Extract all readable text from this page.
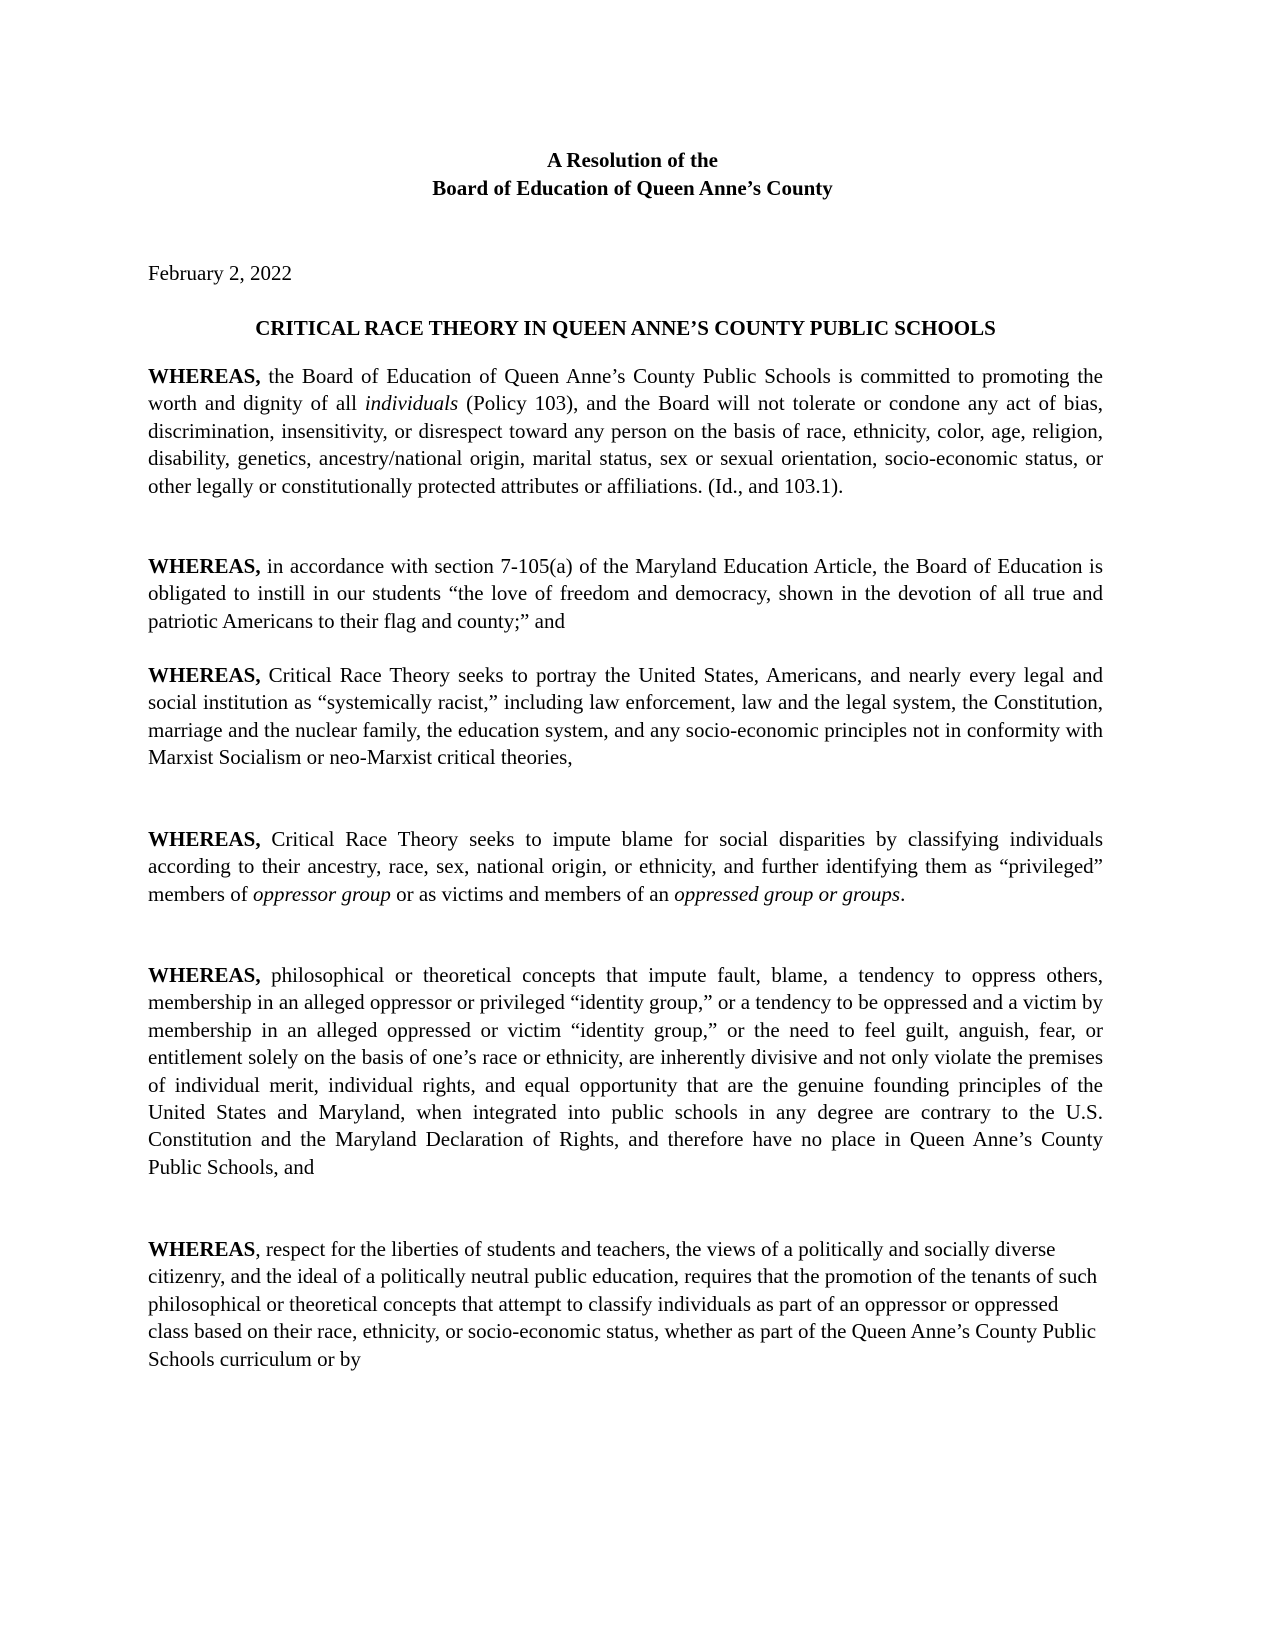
A Resolution of the
Board of Education of Queen Anne’s County
February 2, 2022
CRITICAL RACE THEORY IN QUEEN ANNE’S COUNTY PUBLIC SCHOOLS

WHEREAS, the Board of Education of Queen Anne’s County Public Schools is committed to promoting the worth and dignity of all individuals (Policy 103), and the Board will not tolerate or condone any act of bias, discrimination, insensitivity, or disrespect toward any person on the basis of race, ethnicity, color, age, religion, disability, genetics, ancestry/national origin, marital status, sex or sexual orientation, socio-economic status, or other legally or constitutionally protected attributes or affiliations. (Id., and 103.1).

WHEREAS, in accordance with section 7-105(a) of the Maryland Education Article, the Board of Education is obligated to instill in our students “the love of freedom and democracy, shown in the devotion of all true and patriotic Americans to their flag and county;” and

WHEREAS, Critical Race Theory seeks to portray the United States, Americans, and nearly every legal and social institution as “systemically racist,” including law enforcement, law and the legal system, the Constitution, marriage and the nuclear family, the education system, and any socio-economic principles not in conformity with Marxist Socialism or neo-Marxist critical theories,

WHEREAS, Critical Race Theory seeks to impute blame for social disparities by classifying individuals according to their ancestry, race, sex, national origin, or ethnicity, and further identifying them as “privileged” members of oppressor group or as victims and members of an oppressed group or groups.

WHEREAS, philosophical or theoretical concepts that impute fault, blame, a tendency to oppress others, membership in an alleged oppressor or privileged “identity group,” or a tendency to be oppressed and a victim by membership in an alleged oppressed or victim “identity group,” or the need to feel guilt, anguish, fear, or entitlement solely on the basis of one’s race or ethnicity, are inherently divisive and not only violate the premises of individual merit, individual rights, and equal opportunity that are the genuine founding principles of the United States and Maryland, when integrated into public schools in any degree are contrary to the U.S. Constitution and the Maryland Declaration of Rights, and therefore have no place in Queen Anne’s County Public Schools, and

WHEREAS, respect for the liberties of students and teachers, the views of a politically and socially diverse citizenry, and the ideal of a politically neutral public education, requires that the promotion of the tenants of such philosophical or theoretical concepts that attempt to classify individuals as part of an oppressor or oppressed class based on their race, ethnicity, or socio-economic status, whether as part of the Queen Anne’s County Public Schools curriculum or by
